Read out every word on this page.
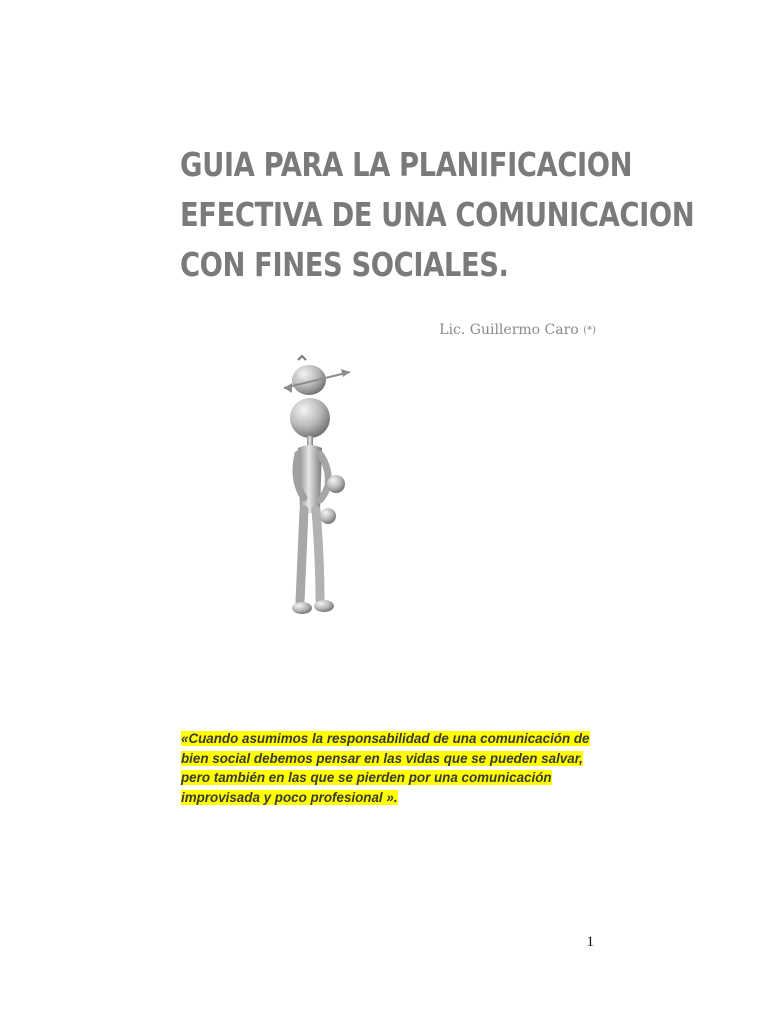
GUIA PARA LA PLANIFICACION
EFECTIVA DE UNA COMUNICACION
CON FINES SOCIALES.
Lic. Guillermo Caro (*)
«Cuando asumimos la responsabilidad de una comunicación de
bien social debemos pensar en las vidas que se pueden salvar,
pero también en las que se pierden por una comunicación
improvisada y poco profesional ».
1
